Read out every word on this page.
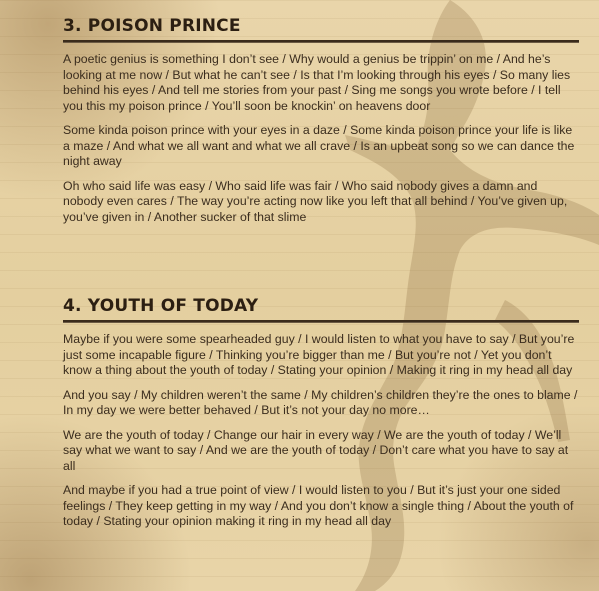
3. POISON PRINCE

A poetic genius is something I don’t see / Why would a genius be trippin’ on me / And he’s looking at me now / But what he can’t see / Is that I’m looking through his eyes / So many lies behind his eyes / And tell me stories from your past / Sing me songs you wrote before / I tell you this my poison prince / You’ll soon be knockin’ on heavens door

Some kinda poison prince with your eyes in a daze / Some kinda poison prince your life is like a maze / And what we all want and what we all crave / Is an upbeat song so we can dance the night away

Oh who said life was easy / Who said life was fair / Who said nobody gives a damn and nobody even cares / The way you’re acting now like you left that all behind / You’ve given up, you’ve given in / Another sucker of that slime

4. YOUTH OF TODAY

Maybe if you were some spearheaded guy / I would listen to what you have to say / But you’re just some incapable figure / Thinking you’re bigger than me / But you’re not / Yet you don’t know a thing about the youth of today / Stating your opinion / Making it ring in my head all day

And you say / My children weren’t the same / My children’s children they’re the ones to blame / In my day we were better behaved / But it’s not your day no more…

We are the youth of today / Change our hair in every way / We are the youth of today / We’ll say what we want to say / And we are the youth of today / Don’t care what you have to say at all

And maybe if you had a true point of view / I would listen to you / But it’s just your one sided feelings / They keep getting in my way / And you don’t know a single thing / About the youth of today / Stating your opinion making it ring in my head all day
